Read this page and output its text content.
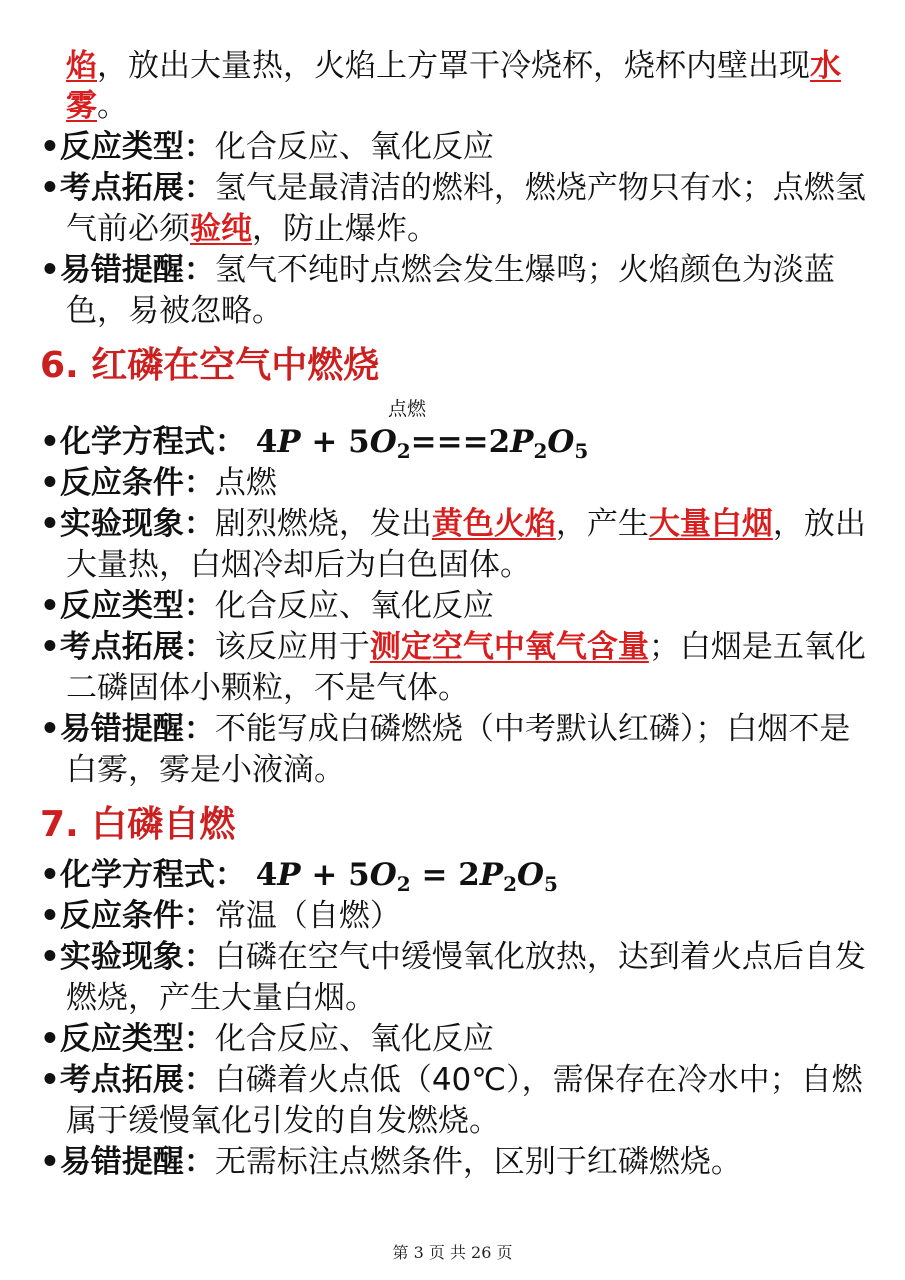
焰，放出大量热，火焰上方罩干冷烧杯，烧杯内壁出现水
雾。
•反应类型：化合反应、氧化反应
•考点拓展：氢气是最清洁的燃料，燃烧产物只有水；点燃氢
气前必须验纯，防止爆炸。
•易错提醒：氢气不纯时点燃会发生爆鸣；火焰颜色为淡蓝
色，易被忽略。
6. 红磷在空气中燃烧
点燃
•化学方程式： $4P + 5O_2===2P_2O_5$
•反应条件：点燃
•实验现象：剧烈燃烧，发出黄色火焰，产生大量白烟，放出
大量热，白烟冷却后为白色固体。
•反应类型：化合反应、氧化反应
•考点拓展：该反应用于测定空气中氧气含量；白烟是五氧化
二磷固体小颗粒，不是气体。
•易错提醒：不能写成白磷燃烧（中考默认红磷）；白烟不是
白雾，雾是小液滴。
7. 白磷自燃
•化学方程式： $4P + 5O_2 = 2P_2O_5$
•反应条件：常温（自燃）
•实验现象：白磷在空气中缓慢氧化放热，达到着火点后自发
燃烧，产生大量白烟。
•反应类型：化合反应、氧化反应
•考点拓展：白磷着火点低（40℃），需保存在冷水中；自燃
属于缓慢氧化引发的自发燃烧。
•易错提醒：无需标注点燃条件，区别于红磷燃烧。
第 3 页 共 26 页
